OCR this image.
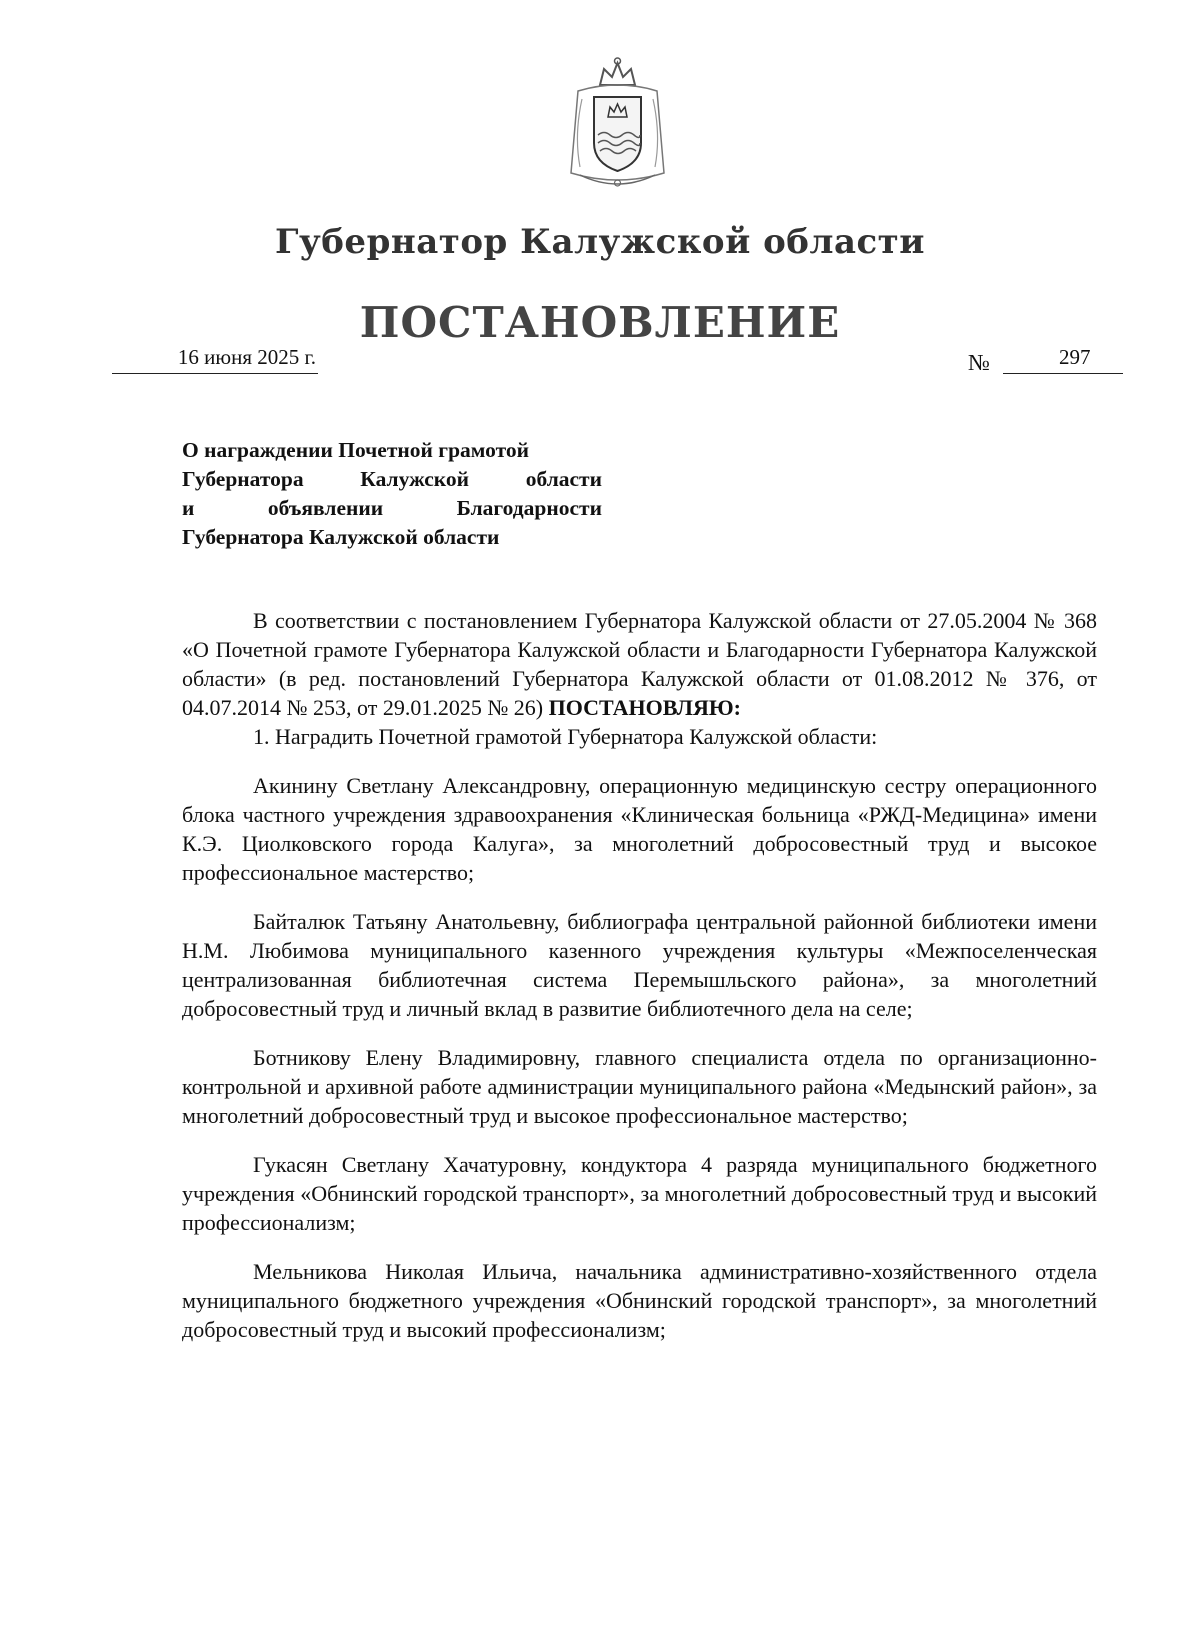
Губернатор Калужской области
ПОСТАНОВЛЕНИЕ
16 июня 2025 г.	№	297
О награждении Почетной грамотой
Губернатора Калужской области
и объявлении Благодарности
Губернатора Калужской области

В соответствии с постановлением Губернатора Калужской области от 27.05.2004 № 368 «О Почетной грамоте Губернатора Калужской области и Благодарности Губернатора Калужской области» (в ред. постановлений Губернатора Калужской области от 01.08.2012 № 376, от 04.07.2014 № 253, от 29.01.2025 № 26) ПОСТАНОВЛЯЮ:

1. Наградить Почетной грамотой Губернатора Калужской области:

Акинину Светлану Александровну, операционную медицинскую сестру операционного блока частного учреждения здравоохранения «Клиническая больница «РЖД-Медицина» имени К.Э. Циолковского города Калуга», за многолетний добросовестный труд и высокое профессиональное мастерство;

Байталюк Татьяну Анатольевну, библиографа центральной районной библиотеки имени Н.М. Любимова муниципального казенного учреждения культуры «Межпоселенческая централизованная библиотечная система Перемышльского района», за многолетний добросовестный труд и личный вклад в развитие библиотечного дела на селе;

Ботникову Елену Владимировну, главного специалиста отдела по организационно-контрольной и архивной работе администрации муниципального района «Медынский район», за многолетний добросовестный труд и высокое профессиональное мастерство;

Гукасян Светлану Хачатуровну, кондуктора 4 разряда муниципального бюджетного учреждения «Обнинский городской транспорт», за многолетний добросовестный труд и высокий профессионализм;

Мельникова Николая Ильича, начальника административно-хозяйственного отдела муниципального бюджетного учреждения «Обнинский городской транспорт», за многолетний добросовестный труд и высокий профессионализм;
